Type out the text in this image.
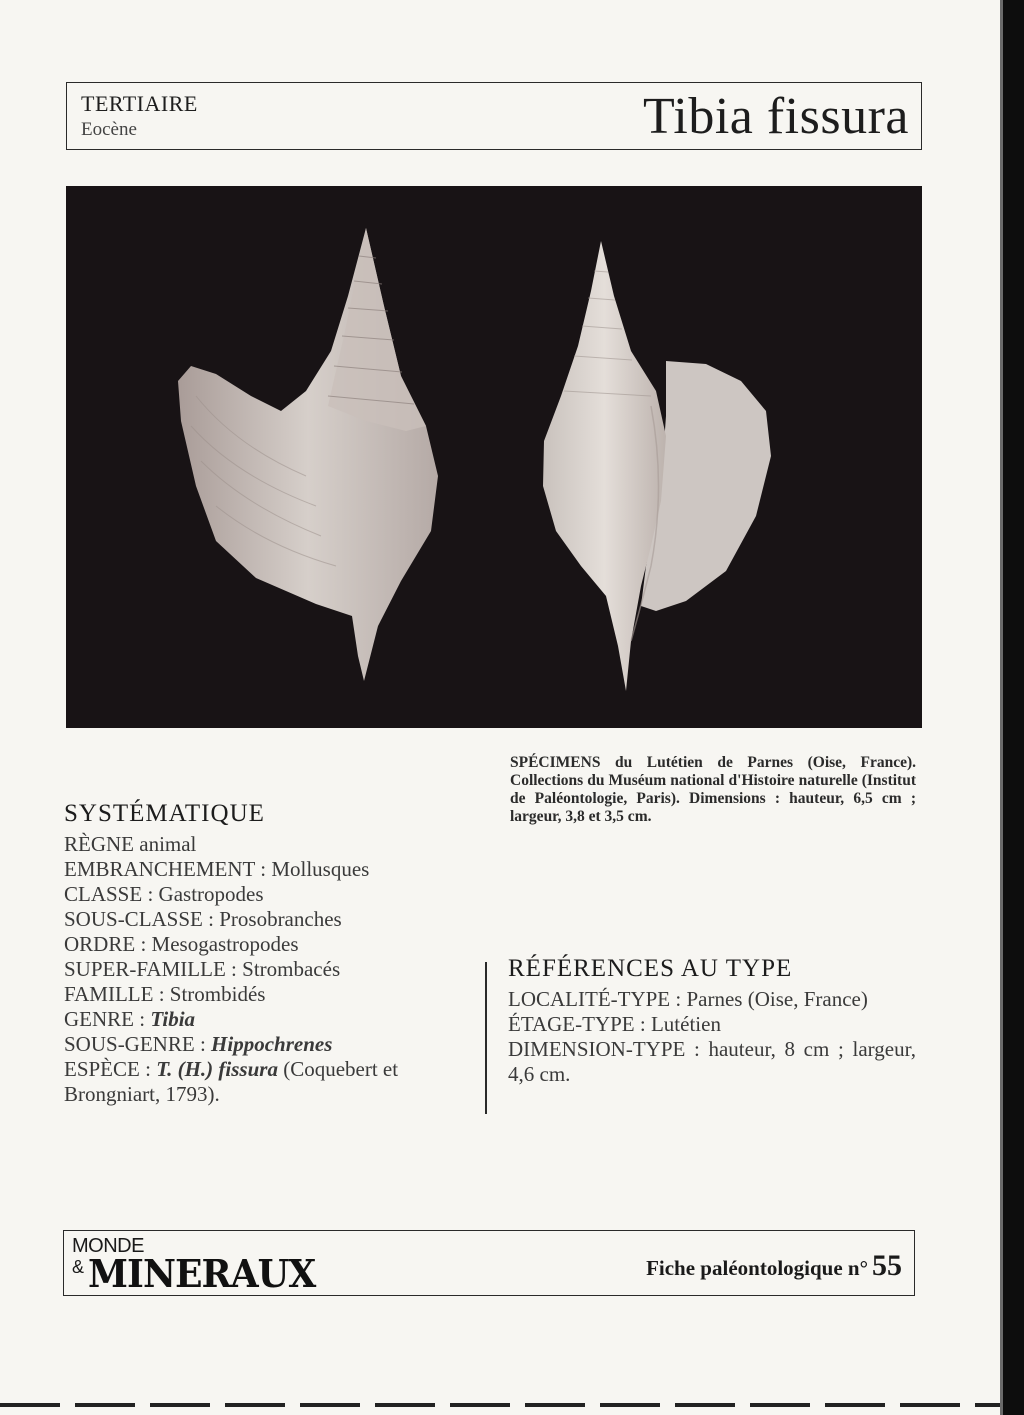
TERTIAIRE
Eocène	Tibia fissura
SPÉCIMENS du Lutétien de Parnes (Oise, France). Collections du Muséum national d'Histoire naturelle (Institut de Paléontologie, Paris). Dimensions : hauteur, 6,5 cm ; largeur, 3,8 et 3,5 cm.
SYSTÉMATIQUE
RÈGNE animal
EMBRANCHEMENT : Mollusques
CLASSE : Gastropodes
SOUS-CLASSE : Prosobranches
ORDRE : Mesogastropodes
SUPER-FAMILLE : Strombacés
FAMILLE : Strombidés
GENRE : Tibia
SOUS-GENRE : Hippochrenes
ESPÈCE : T. (H.) fissura (Coquebert et Brongniart, 1793).
RÉFÉRENCES AU TYPE
LOCALITÉ-TYPE : Parnes (Oise, France)
ÉTAGE-TYPE : Lutétien
DIMENSION-TYPE : hauteur, 8 cm ; largeur, 4,6 cm.
MONDE
& MINERAUX	Fiche paléontologique n° 55
